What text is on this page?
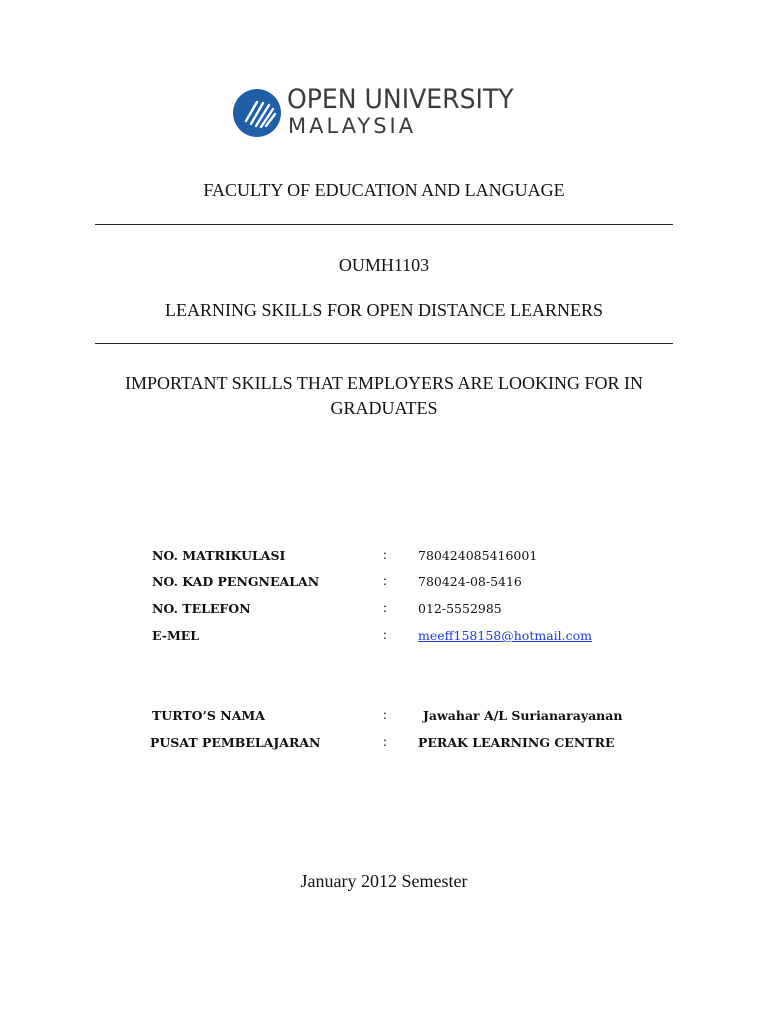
OPEN UNIVERSITY
MALAYSIA
FACULTY OF EDUCATION AND LANGUAGE
OUMH1103
LEARNING SKILLS FOR OPEN DISTANCE LEARNERS
IMPORTANT SKILLS THAT EMPLOYERS ARE LOOKING FOR IN GRADUATES
NO. MATRIKULASI	: 780424085416001
NO. KAD PENGNEALAN	: 780424-08-5416
NO. TELEFON	: 012-5552985
E-MEL	: meeff158158@hotmail.com
TURTO’S NAMA	:	Jawahar A/L Surianarayanan
PUSAT PEMBELAJARAN	: PERAK LEARNING CENTRE
January 2012 Semester
